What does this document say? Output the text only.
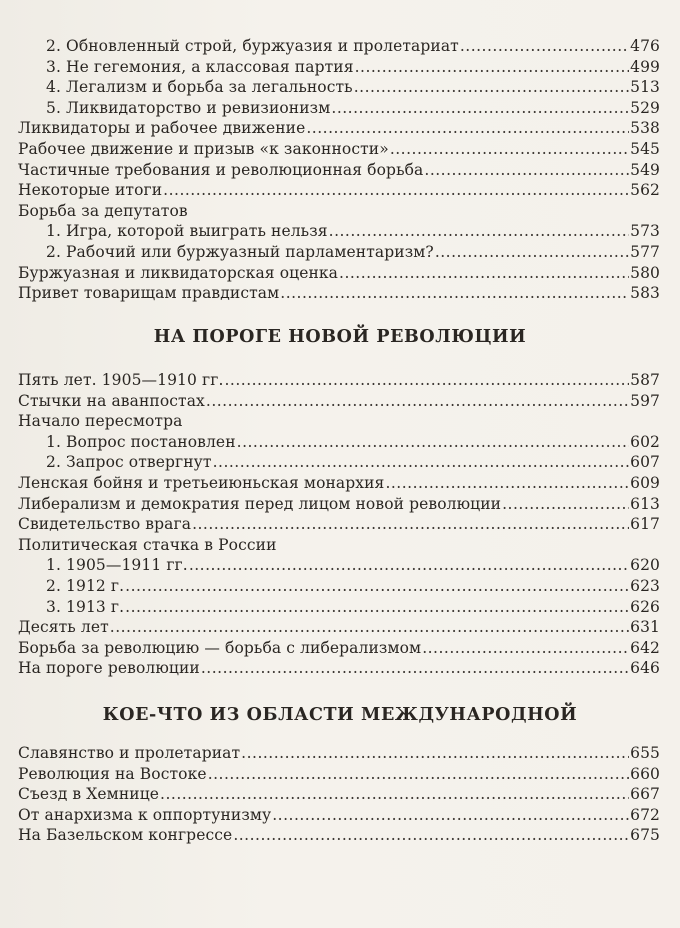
2. Обновленный строй, буржуазия и пролетариат .....	476
3. Не гегемония, а классовая партия .....	499
4. Легализм и борьба за легальность .....	513
5. Ликвидаторство и ревизионизм .....	529
Ликвидаторы и рабочее движение .....	538
Рабочее движение и призыв «к законности» .....	545
Частичные требования и революционная борьба .....	549
Некоторые итоги .....	562
Борьба за депутатов
1. Игра, которой выиграть нельзя .....	573
2. Рабочий или буржуазный парламентаризм? .....	577
Буржуазная и ликвидаторская оценка .....	580
Привет товарищам правдистам .....	583
НА ПОРОГЕ НОВОЙ РЕВОЛЮЦИИ
Пять лет. 1905—1910 гг. .....	587
Стычки на аванпостах .....	597
Начало пересмотра
1. Вопрос постановлен .....	602
2. Запрос отвергнут .....	607
Ленская бойня и третьеиюньская монархия .....	609
Либерализм и демократия перед лицом новой революции .....	613
Свидетельство врага .....	617
Политическая стачка в России
1. 1905—1911 гг. .....	620
2. 1912 г. .....	623
3. 1913 г. .....	626
Десять лет .....	631
Борьба за революцию — борьба с либерализмом .....	642
На пороге революции .....	646
КОЕ-ЧТО ИЗ ОБЛАСТИ МЕЖДУНАРОДНОЙ
Славянство и пролетариат .....	655
Революция на Востоке .....	660
Съезд в Хемнице .....	667
От анархизма к оппортунизму .....	672
На Базельском конгрессе .....	675
